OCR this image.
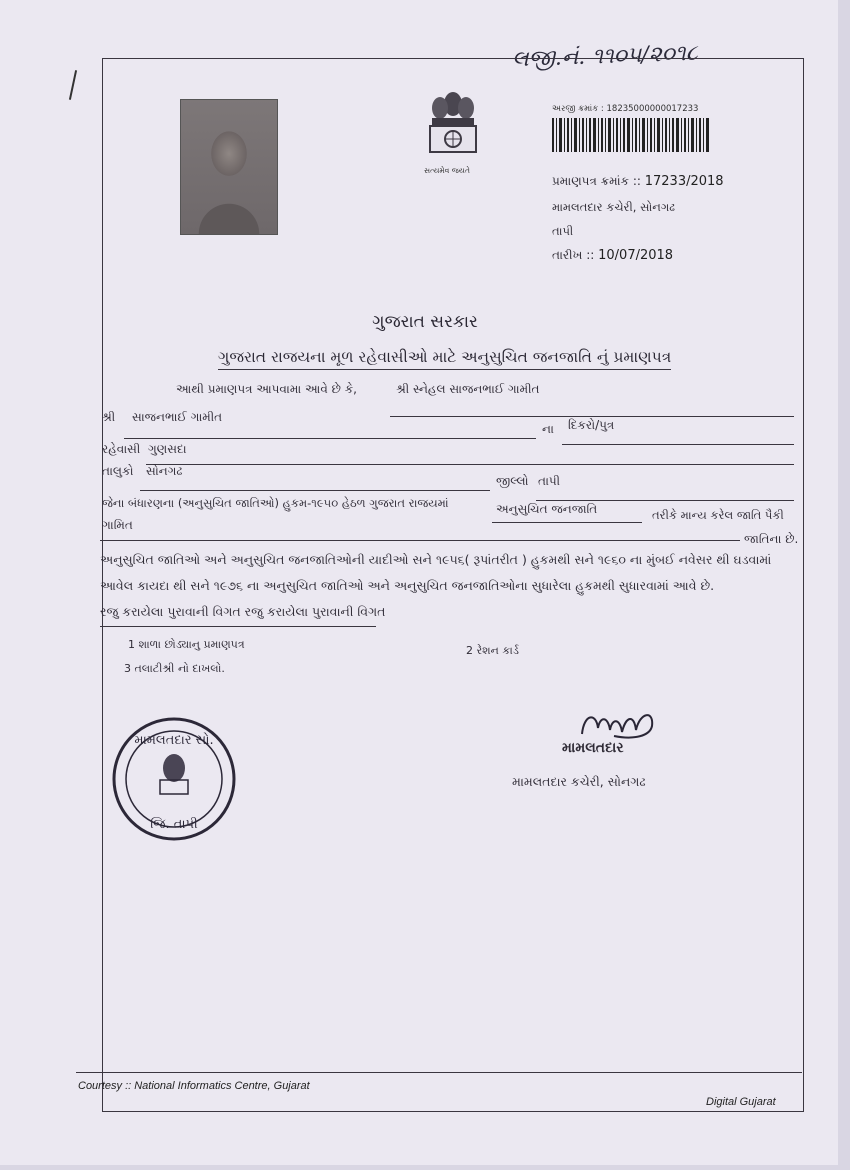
લજી.નં. ૧૧૦૫/૨૦૧૮
સત્યમેવ જયતે
અરજી ક્રમાંક : 18235000000017233
પ્રમાણપત્ર ક્રમાંક :: 17233/2018
મામલતદાર કચેરી, સોનગઢ
તાપી
તારીખ :: 10/07/2018
ગુજરાત સરકાર
ગુજરાત રાજયના મૂળ રહેવાસીઓ માટે અનુસુચિત જનજાતિ નું પ્રમાણપત્ર
આથી પ્રમાણપત્ર આપવામા આવે છે કે,	શ્રી સ્નેહલ સાજનભાઈ ગામીત
શ્રી સાજનભાઈ ગામીત
ના દિકરો/પુત્ર
રહેવાસી ગુણસદા
તાલુકો સોનગઢ
જીલ્લો તાપી
જેના બંધારણના (અનુસુચિત જાતિઓ) હુકમ-૧૯૫૦ હેઠળ ગુજરાત રાજયમાં	અનુસુચિત જનજાતિ	તરીકે માન્ય કરેલ જાતિ પૈકી
ગામિત
જાતિના છે.
અનુસુચિત જાતિઓ અને અનુસુચિત જનજાતિઓની યાદીઓ સને ૧૯૫૬( રૂપાંતરીત ) હુકમથી સને ૧૯૬૦ ના મુંબઈ નવેસર થી ઘડવામાં
આવેલ કાયદા થી સને ૧૯૭૬ ના અનુસુચિત જાતિઓ અને અનુસુચિત જનજાતિઓના સુધારેલા હુકમથી સુધારવામાં આવે છે.
રજુ કરાયેલા પુરાવાની વિગત રજુ કરાયેલા પુરાવાની વિગત
1 શાળા છોડ્યાનુ પ્રમાણપત્ર	2 રેશન કાર્ડ
3 તલાટીશ્રી નો દાખલો.
મામલતદાર સો.
જિ. તાપી
મામલતદાર
મામલતદાર કચેરી, સોનગઢ
Courtesy :: National Informatics Centre, Gujarat
Digital Gujarat
